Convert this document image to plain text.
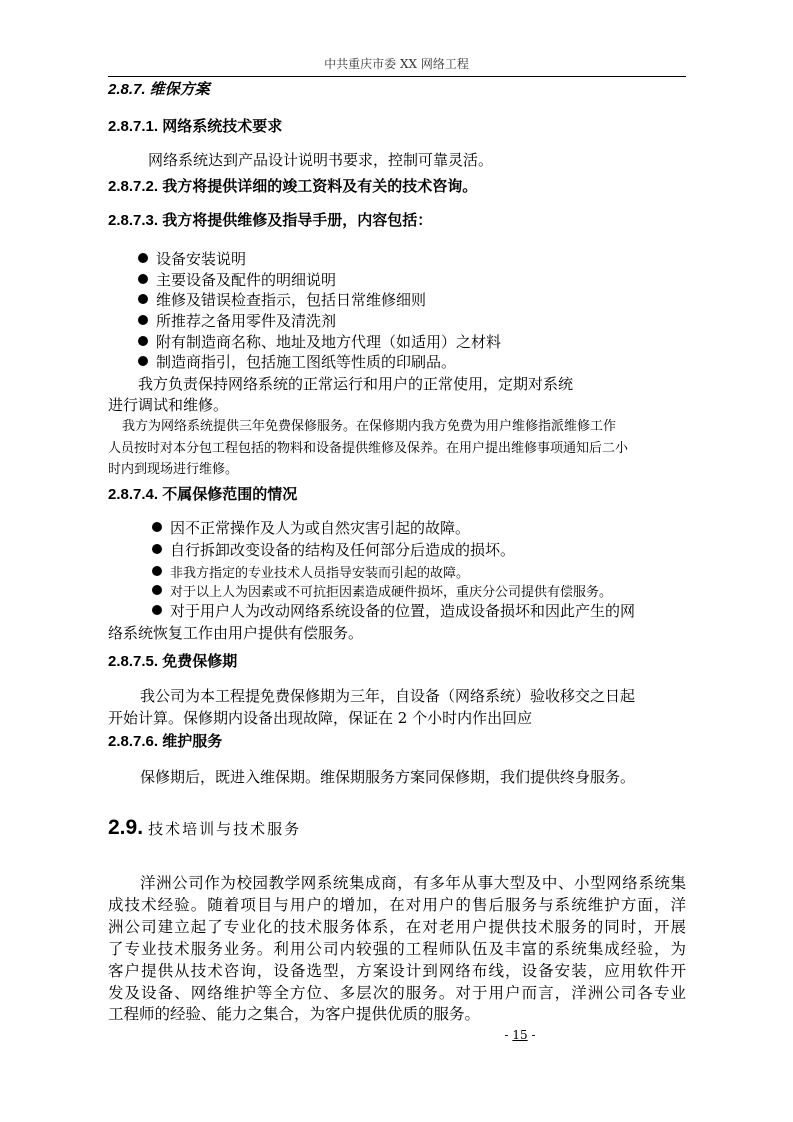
中共重庆市委 XX 网络工程
2.8.7. 维保方案
2.8.7.1. 网络系统技术要求
网络系统达到产品设计说明书要求，控制可靠灵活。
2.8.7.2. 我方将提供详细的竣工资料及有关的技术咨询。
2.8.7.3. 我方将提供维修及指导手册，内容包括：
设备安装说明
主要设备及配件的明细说明
维修及错误检查指示，包括日常维修细则
所推荐之备用零件及清洗剂
附有制造商名称、地址及地方代理（如适用）之材料
制造商指引，包括施工图纸等性质的印刷品。
我方负责保持网络系统的正常运行和用户的正常使用，定期对系统
进行调试和维修。
我方为网络系统提供三年免费保修服务。在保修期内我方免费为用户维修指派维修工作
人员按时对本分包工程包括的物料和设备提供维修及保养。在用户提出维修事项通知后二小
时内到现场进行维修。
2.8.7.4. 不属保修范围的情况
因不正常操作及人为或自然灾害引起的故障。
自行拆卸改变设备的结构及任何部分后造成的损坏。
非我方指定的专业技术人员指导安装而引起的故障。
对于以上人为因素或不可抗拒因素造成硬件损坏，重庆分公司提供有偿服务。
对于用户人为改动网络系统设备的位置，造成设备损坏和因此产生的网
络系统恢复工作由用户提供有偿服务。
2.8.7.5. 免费保修期
我公司为本工程提免费保修期为三年，自设备（网络系统）验收移交之日起
开始计算。保修期内设备出现故障，保证在 2 个小时内作出回应
2.8.7.6. 维护服务
保修期后，既进入维保期。维保期服务方案同保修期，我们提供终身服务。
2.9. 技术培训与技术服务
洋洲公司作为校园教学网系统集成商，有多年从事大型及中、小型网络系统集
成技术经验。随着项目与用户的增加，在对用户的售后服务与系统维护方面，洋
洲公司建立起了专业化的技术服务体系，在对老用户提供技术服务的同时，开展
了专业技术服务业务。利用公司内较强的工程师队伍及丰富的系统集成经验，为
客户提供从技术咨询，设备选型，方案设计到网络布线，设备安装，应用软件开
发及设备、网络维护等全方位、多层次的服务。对于用户而言，洋洲公司各专业
工程师的经验、能力之集合，为客户提供优质的服务。
- 15 -
